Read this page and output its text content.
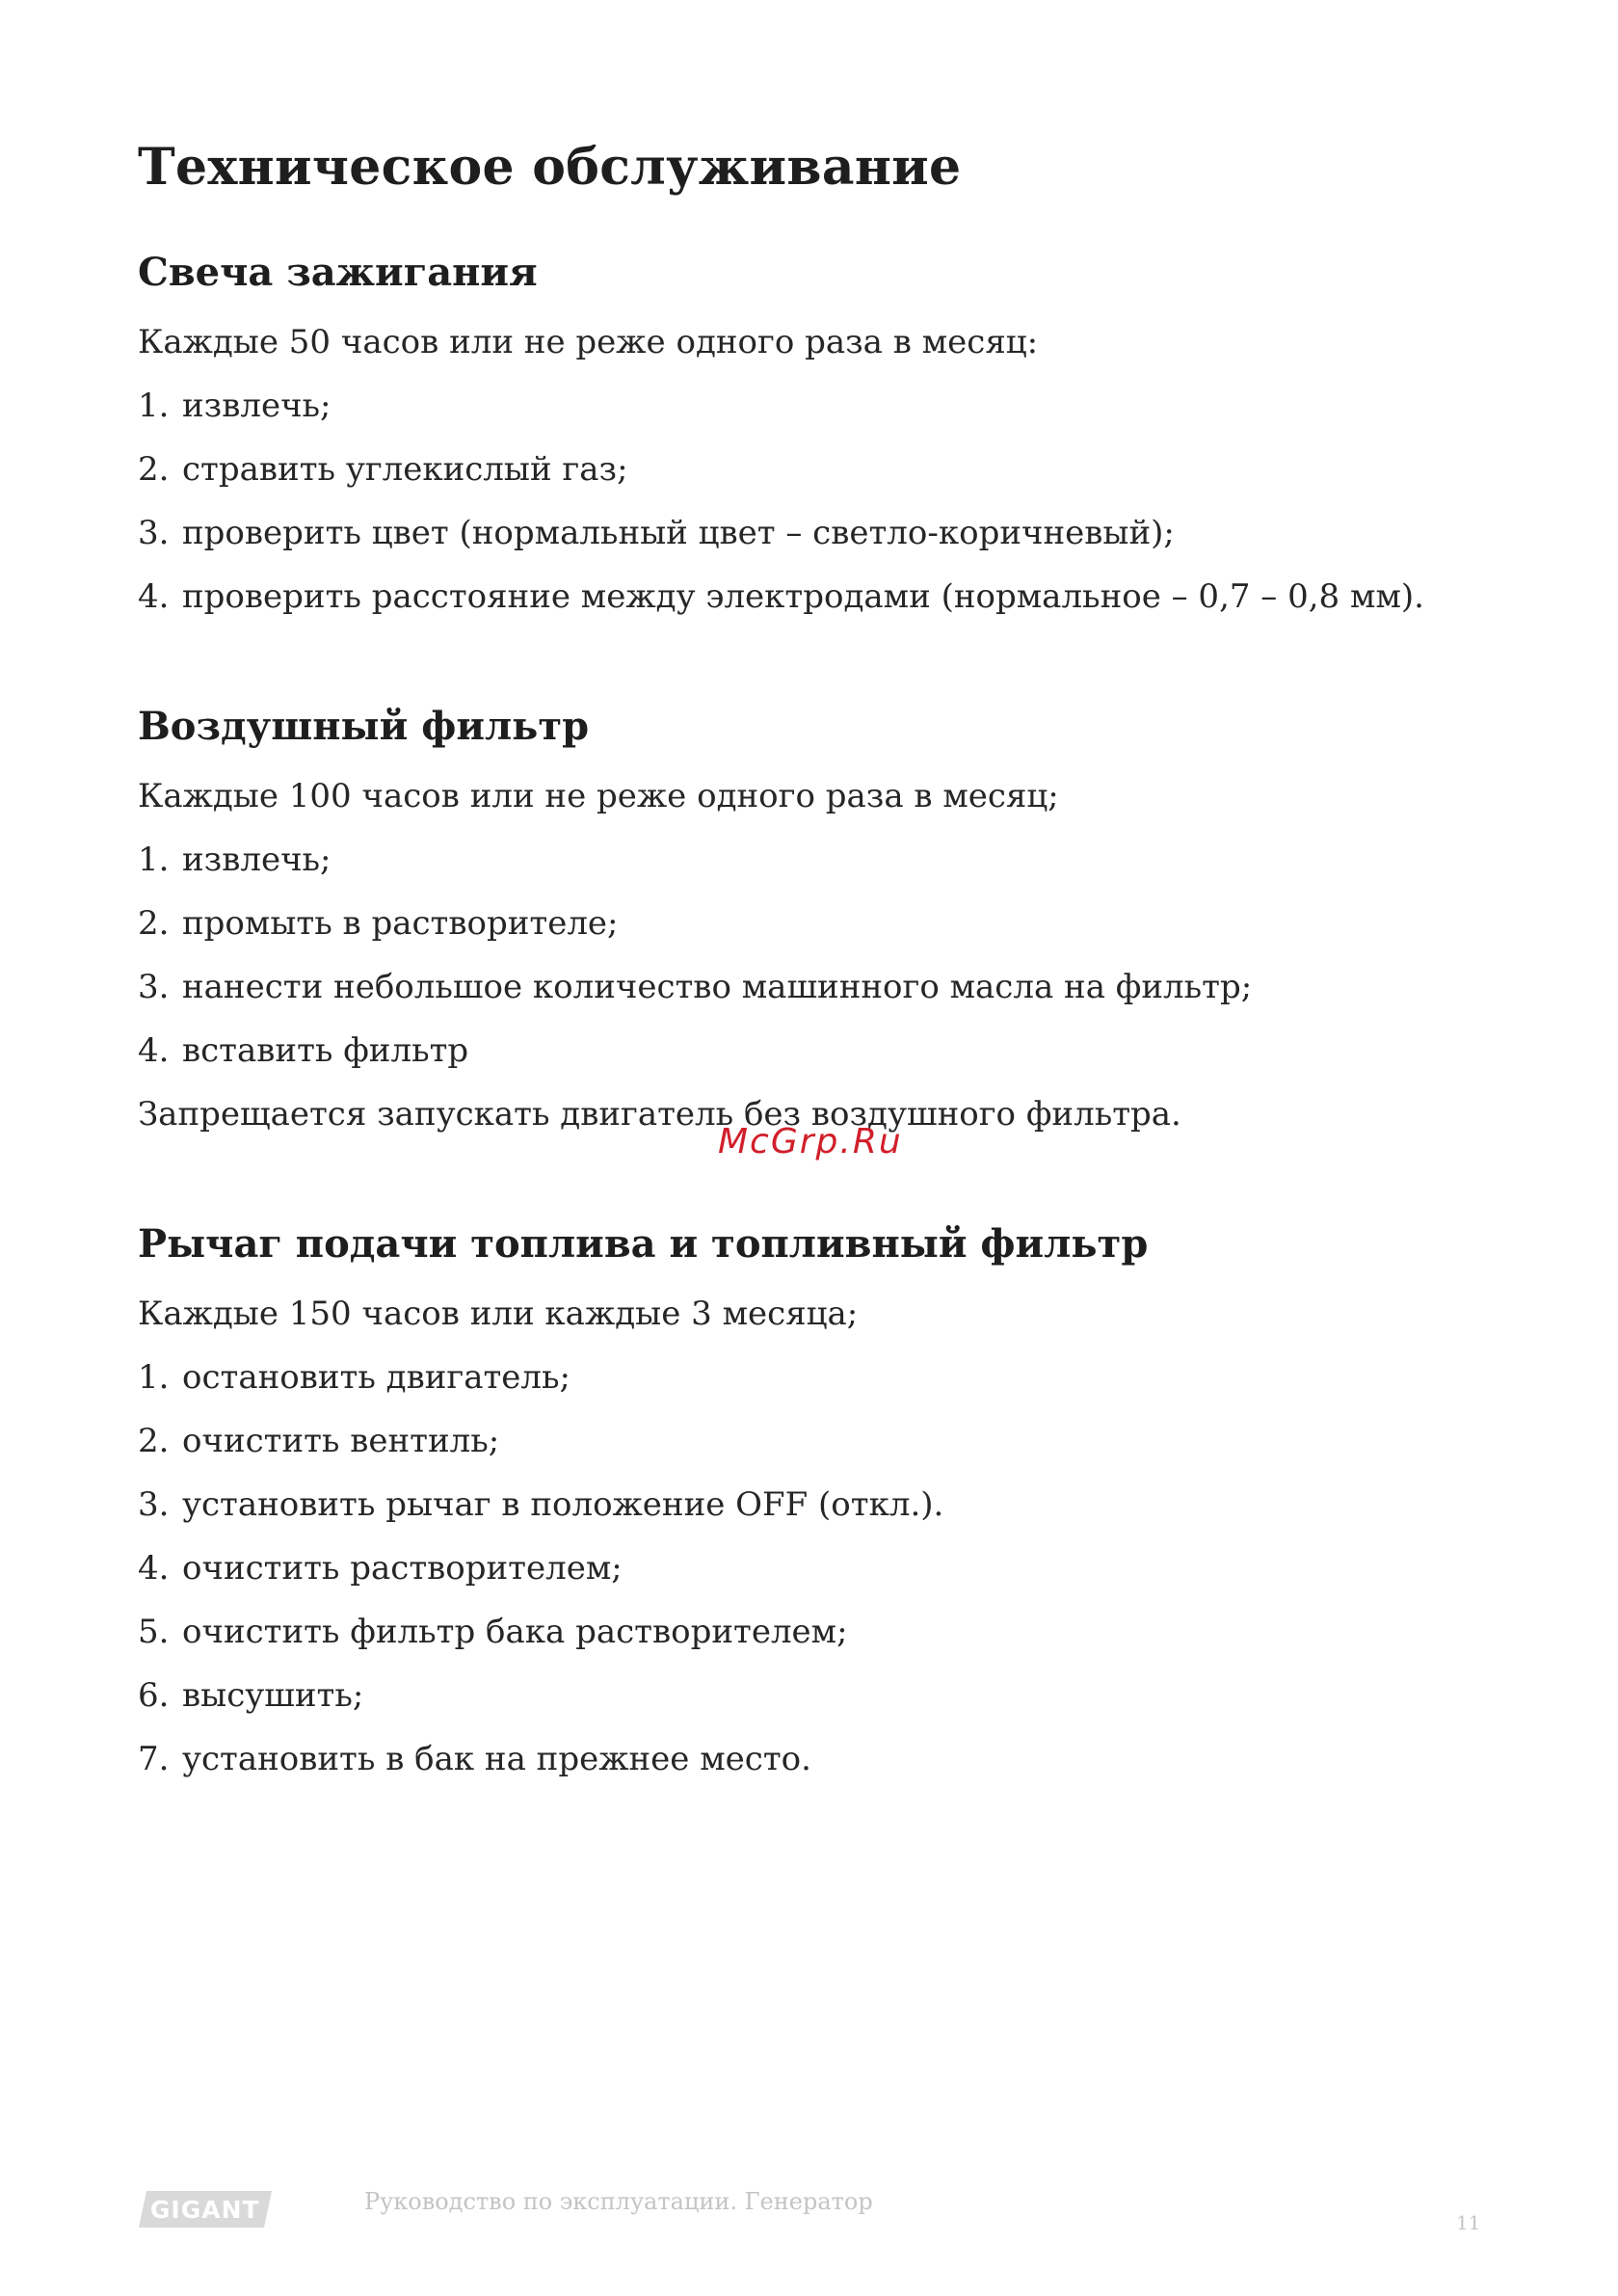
Техническое обслуживание
Свеча зажигания

Каждые 50 часов или не реже одного раза в месяц:

1. извлечь;
2. стравить углекислый газ;
3. проверить цвет (нормальный цвет – светло-коричневый);
4. проверить расстояние между электродами (нормальное – 0,7 – 0,8 мм).
Воздушный фильтр

Каждые 100 часов или не реже одного раза в месяц;

1. извлечь;
2. промыть в растворителе;
3. нанести небольшое количество машинного масла на фильтр;
4. вставить фильтр

Запрещается запускать двигатель без воздушного фильтра.

McGrp.Ru
Рычаг подачи топлива и топливный фильтр

Каждые 150 часов или каждые 3 месяца;

1. остановить двигатель;
2. очистить вентиль;
3. установить рычаг в положение OFF (откл.).
4. очистить растворителем;
5. очистить фильтр бака растворителем;
6. высушить;
7. установить в бак на прежнее место.
GIGANT	Руководство по эксплуатации. Генератор
11
